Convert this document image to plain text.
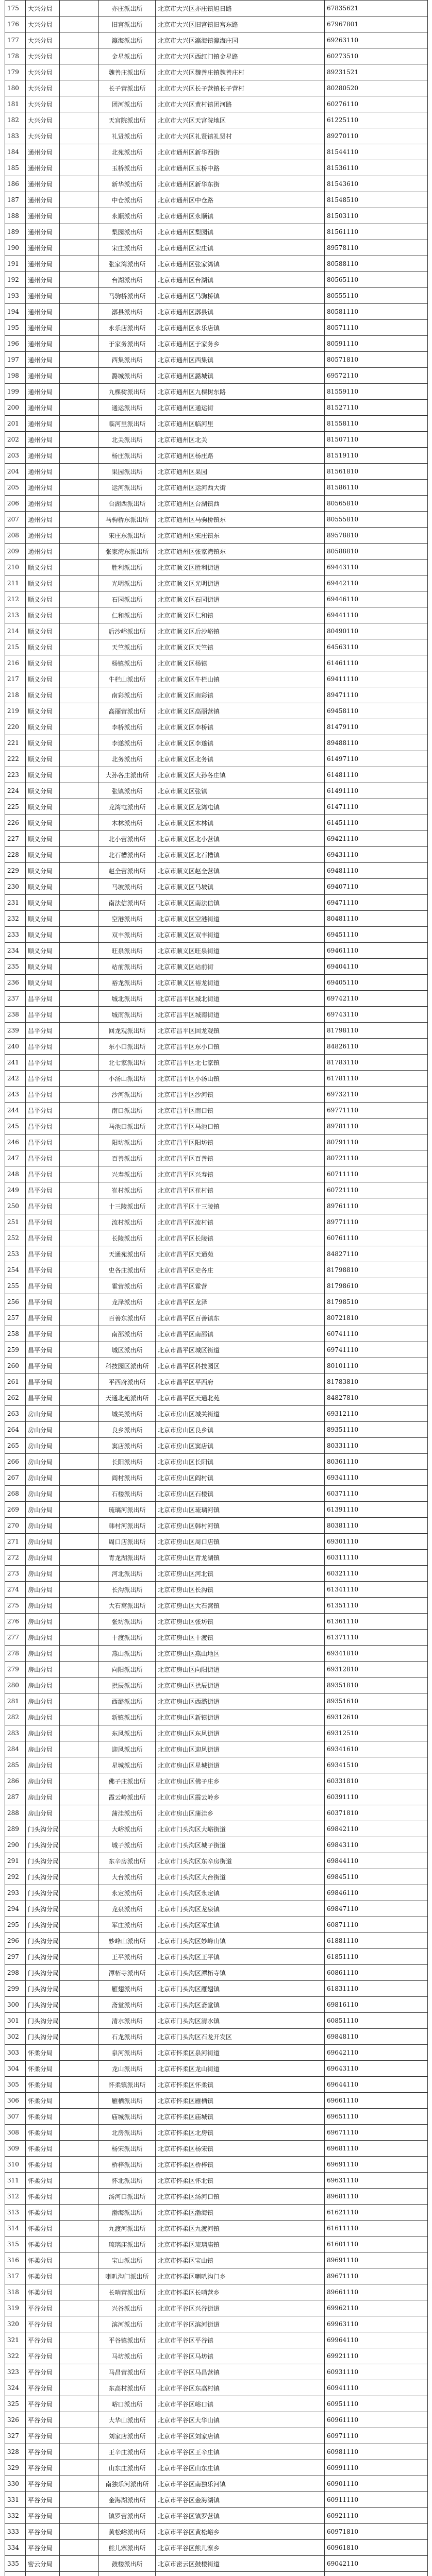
175	大兴分局		亦庄派出所	北京市大兴区亦庄镇旭日路	67835621
176	大兴分局		旧宫派出所	北京市大兴区旧宫镇旧宫东路	67967801
177	大兴分局		瀛海派出所	北京市大兴区瀛海镇瀛海庄园	69263110
178	大兴分局		金星派出所	北京市大兴区西红门镇金星路	60273510
179	大兴分局		魏善庄派出所	北京市大兴区魏善庄镇魏善庄村	89231521
180	大兴分局		长子营派出所	北京市大兴区长子营镇长子营村	80280520
181	大兴分局		团河派出所	北京市大兴区黄村镇团河路	60276110
182	大兴分局		天宫院派出所	北京市大兴区天宫院地区	61225110
183	大兴分局		礼贤派出所	北京市大兴区礼贤镇礼贤村	89270110
184	通州分局		北苑派出所	北京市通州区新华西街	81544110
185	通州分局		玉桥派出所	北京市通州区玉桥中路	81536110
186	通州分局		新华派出所	北京市通州区新华东街	81543610
187	通州分局		中仓派出所	北京市通州区中仓路	81548510
188	通州分局		永顺派出所	北京市通州区永顺镇	81503110
189	通州分局		梨园派出所	北京市通州区梨园镇	81561110
190	通州分局		宋庄派出所	北京市通州区宋庄镇	89578110
191	通州分局		张家湾派出所	北京市通州区张家湾镇	80588110
192	通州分局		台湖派出所	北京市通州区台湖镇	80565110
193	通州分局		马驹桥派出所	北京市通州区马驹桥镇	80555110
194	通州分局		漷县派出所	北京市通州区漷县镇	80581110
195	通州分局		永乐店派出所	北京市通州区永乐店镇	80571110
196	通州分局		于家务派出所	北京市通州区于家务乡	80591110
197	通州分局		西集派出所	北京市通州区西集镇	80571810
198	通州分局		潞城派出所	北京市通州区潞城镇	69572110
199	通州分局		九棵树派出所	北京市通州区九棵树东路	81559110
200	通州分局		通运派出所	北京市通州区通运街	81527110
201	通州分局		临河里派出所	北京市通州区临河里	81558110
202	通州分局		北关派出所	北京市通州区北关	81507110
203	通州分局		杨庄派出所	北京市通州区杨庄路	81519110
204	通州分局		果园派出所	北京市通州区果园	81561810
205	通州分局		运河派出所	北京市通州区运河西大街	81586110
206	通州分局		台湖西派出所	北京市通州区台湖镇西	80565810
207	通州分局		马驹桥东派出所	北京市通州区马驹桥镇东	80555810
208	通州分局		宋庄东派出所	北京市通州区宋庄镇东	89578810
209	通州分局		张家湾东派出所	北京市通州区张家湾镇东	80588810
210	顺义分局		胜利派出所	北京市顺义区胜利街道	69443110
211	顺义分局		光明派出所	北京市顺义区光明街道	69442110
212	顺义分局		石园派出所	北京市顺义区石园街道	69446110
213	顺义分局		仁和派出所	北京市顺义区仁和镇	69441110
214	顺义分局		后沙峪派出所	北京市顺义区后沙峪镇	80490110
215	顺义分局		天竺派出所	北京市顺义区天竺镇	64563110
216	顺义分局		杨镇派出所	北京市顺义区杨镇	61461110
217	顺义分局		牛栏山派出所	北京市顺义区牛栏山镇	69411110
218	顺义分局		南彩派出所	北京市顺义区南彩镇	89471110
219	顺义分局		高丽营派出所	北京市顺义区高丽营镇	69458110
220	顺义分局		李桥派出所	北京市顺义区李桥镇	81479110
221	顺义分局		李遂派出所	北京市顺义区李遂镇	89488110
222	顺义分局		北务派出所	北京市顺义区北务镇	61497110
223	顺义分局		大孙各庄派出所	北京市顺义区大孙各庄镇	61481110
224	顺义分局		张镇派出所	北京市顺义区张镇	61491110
225	顺义分局		龙湾屯派出所	北京市顺义区龙湾屯镇	61471110
226	顺义分局		木林派出所	北京市顺义区木林镇	61451110
227	顺义分局		北小营派出所	北京市顺义区北小营镇	69421110
228	顺义分局		北石槽派出所	北京市顺义区北石槽镇	69431110
229	顺义分局		赵全营派出所	北京市顺义区赵全营镇	69481110
230	顺义分局		马坡派出所	北京市顺义区马坡镇	69407110
231	顺义分局		南法信派出所	北京市顺义区南法信镇	69471110
232	顺义分局		空港派出所	北京市顺义区空港街道	80481110
233	顺义分局		双丰派出所	北京市顺义区双丰街道	69451110
234	顺义分局		旺泉派出所	北京市顺义区旺泉街道	69461110
235	顺义分局		站前派出所	北京市顺义区站前街	69404110
236	顺义分局		裕龙派出所	北京市顺义区裕龙街道	69405110
237	昌平分局		城北派出所	北京市昌平区城北街道	69742110
238	昌平分局		城南派出所	北京市昌平区城南街道	69743110
239	昌平分局		回龙观派出所	北京市昌平区回龙观镇	81798110
240	昌平分局		东小口派出所	北京市昌平区东小口镇	84826110
241	昌平分局		北七家派出所	北京市昌平区北七家镇	81783110
242	昌平分局		小汤山派出所	北京市昌平区小汤山镇	61781110
243	昌平分局		沙河派出所	北京市昌平区沙河镇	69732110
244	昌平分局		南口派出所	北京市昌平区南口镇	69771110
245	昌平分局		马池口派出所	北京市昌平区马池口镇	89781110
246	昌平分局		阳坊派出所	北京市昌平区阳坊镇	80791110
247	昌平分局		百善派出所	北京市昌平区百善镇	80721110
248	昌平分局		兴寿派出所	北京市昌平区兴寿镇	60711110
249	昌平分局		崔村派出所	北京市昌平区崔村镇	60721110
250	昌平分局		十三陵派出所	北京市昌平区十三陵镇	89761110
251	昌平分局		流村派出所	北京市昌平区流村镇	89771110
252	昌平分局		长陵派出所	北京市昌平区长陵镇	60761110
253	昌平分局		天通苑派出所	北京市昌平区天通苑	84827110
254	昌平分局		史各庄派出所	北京市昌平区史各庄	81798810
255	昌平分局		霍营派出所	北京市昌平区霍营	81798610
256	昌平分局		龙泽派出所	北京市昌平区龙泽	81798510
257	昌平分局		百善东派出所	北京市昌平区百善镇东	80721810
258	昌平分局		南邵派出所	北京市昌平区南邵镇	60741110
259	昌平分局		城区派出所	北京市昌平区城区街道	69741110
260	昌平分局		科技园区派出所	北京市昌平区科技园区	80101110
261	昌平分局		平西府派出所	北京市昌平区平西府	81783810
262	昌平分局		天通北苑派出所	北京市昌平区天通北苑	84827810
263	房山分局		城关派出所	北京市房山区城关街道	69312110
264	房山分局		良乡派出所	北京市房山区良乡镇	89351110
265	房山分局		窦店派出所	北京市房山区窦店镇	80331110
266	房山分局		长阳派出所	北京市房山区长阳镇	80361110
267	房山分局		阎村派出所	北京市房山区阎村镇	69341110
268	房山分局		石楼派出所	北京市房山区石楼镇	60371110
269	房山分局		琉璃河派出所	北京市房山区琉璃河镇	61391110
270	房山分局		韩村河派出所	北京市房山区韩村河镇	80381110
271	房山分局		周口店派出所	北京市房山区周口店镇	69301110
272	房山分局		青龙湖派出所	北京市房山区青龙湖镇	60311110
273	房山分局		河北派出所	北京市房山区河北镇	60321110
274	房山分局		长沟派出所	北京市房山区长沟镇	61341110
275	房山分局		大石窝派出所	北京市房山区大石窝镇	61351110
276	房山分局		张坊派出所	北京市房山区张坊镇	61361110
277	房山分局		十渡派出所	北京市房山区十渡镇	61371110
278	房山分局		燕山派出所	北京市房山区燕山地区	69341810
279	房山分局		向阳派出所	北京市房山区向阳街道	69312810
280	房山分局		拱辰派出所	北京市房山区拱辰街道	89351810
281	房山分局		西潞派出所	北京市房山区西潞街道	89351610
282	房山分局		新镇派出所	北京市房山区新镇街道	69312610
283	房山分局		东风派出所	北京市房山区东风街道	69312510
284	房山分局		迎风派出所	北京市房山区迎风街道	69341610
285	房山分局		星城派出所	北京市房山区星城街道	69341510
286	房山分局		佛子庄派出所	北京市房山区佛子庄乡	60331810
287	房山分局		霞云岭派出所	北京市房山区霞云岭乡	60391110
288	房山分局		蒲洼派出所	北京市房山区蒲洼乡	60371810
289	门头沟分局		大峪派出所	北京市门头沟区大峪街道	69842110
290	门头沟分局		城子派出所	北京市门头沟区城子街道	69843110
291	门头沟分局		东辛房派出所	北京市门头沟区东辛房街道	69844110
292	门头沟分局		大台派出所	北京市门头沟区大台街道	69845110
293	门头沟分局		永定派出所	北京市门头沟区永定镇	69846110
294	门头沟分局		龙泉派出所	北京市门头沟区龙泉镇	69847110
295	门头沟分局		军庄派出所	北京市门头沟区军庄镇	60871110
296	门头沟分局		妙峰山派出所	北京市门头沟区妙峰山镇	61881110
297	门头沟分局		王平派出所	北京市门头沟区王平镇	61851110
298	门头沟分局		潭柘寺派出所	北京市门头沟区潭柘寺镇	60861110
299	门头沟分局		雁翅派出所	北京市门头沟区雁翅镇	61831110
300	门头沟分局		斋堂派出所	北京市门头沟区斋堂镇	69816110
301	门头沟分局		清水派出所	北京市门头沟区清水镇	60851110
302	门头沟分局		石龙派出所	北京市门头沟区石龙开发区	69848110
303	怀柔分局		泉河派出所	北京市怀柔区泉河街道	69642110
304	怀柔分局		龙山派出所	北京市怀柔区龙山街道	69643110
305	怀柔分局		怀柔镇派出所	北京市怀柔区怀柔镇	69644110
306	怀柔分局		雁栖派出所	北京市怀柔区雁栖镇	69661110
307	怀柔分局		庙城派出所	北京市怀柔区庙城镇	69651110
308	怀柔分局		北房派出所	北京市怀柔区北房镇	69671110
309	怀柔分局		杨宋派出所	北京市怀柔区杨宋镇	69681110
310	怀柔分局		桥梓派出所	北京市怀柔区桥梓镇	69691110
311	怀柔分局		怀北派出所	北京市怀柔区怀北镇	69631110
312	怀柔分局		汤河口派出所	北京市怀柔区汤河口镇	89681110
313	怀柔分局		渤海派出所	北京市怀柔区渤海镇	61621110
314	怀柔分局		九渡河派出所	北京市怀柔区九渡河镇	61611110
315	怀柔分局		琉璃庙派出所	北京市怀柔区琉璃庙镇	61601110
316	怀柔分局		宝山派出所	北京市怀柔区宝山镇	89691110
317	怀柔分局		喇叭沟门派出所	北京市怀柔区喇叭沟门乡	89671110
318	怀柔分局		长哨营派出所	北京市怀柔区长哨营乡	89661110
319	平谷分局		兴谷派出所	北京市平谷区兴谷街道	69962110
320	平谷分局		滨河派出所	北京市平谷区滨河街道	69963110
321	平谷分局		平谷镇派出所	北京市平谷区平谷镇	69964110
322	平谷分局		马坊派出所	北京市平谷区马坊镇	69921110
323	平谷分局		马昌营派出所	北京市平谷区马昌营镇	60931110
324	平谷分局		东高村派出所	北京市平谷区东高村镇	60941110
325	平谷分局		峪口派出所	北京市平谷区峪口镇	60951110
326	平谷分局		大华山派出所	北京市平谷区大华山镇	60961110
327	平谷分局		刘家店派出所	北京市平谷区刘家店镇	60971110
328	平谷分局		王辛庄派出所	北京市平谷区王辛庄镇	60981110
329	平谷分局		山东庄派出所	北京市平谷区山东庄镇	60991110
330	平谷分局		南独乐河派出所	北京市平谷区南独乐河镇	60901110
331	平谷分局		金海湖派出所	北京市平谷区金海湖镇	60911110
332	平谷分局		镇罗营派出所	北京市平谷区镇罗营镇	60921110
333	平谷分局		黄松峪派出所	北京市平谷区黄松峪乡	60971810
334	平谷分局		熊儿寨派出所	北京市平谷区熊儿寨乡	60961810
335	密云分局		鼓楼派出所	北京市密云区鼓楼街道	69042110
